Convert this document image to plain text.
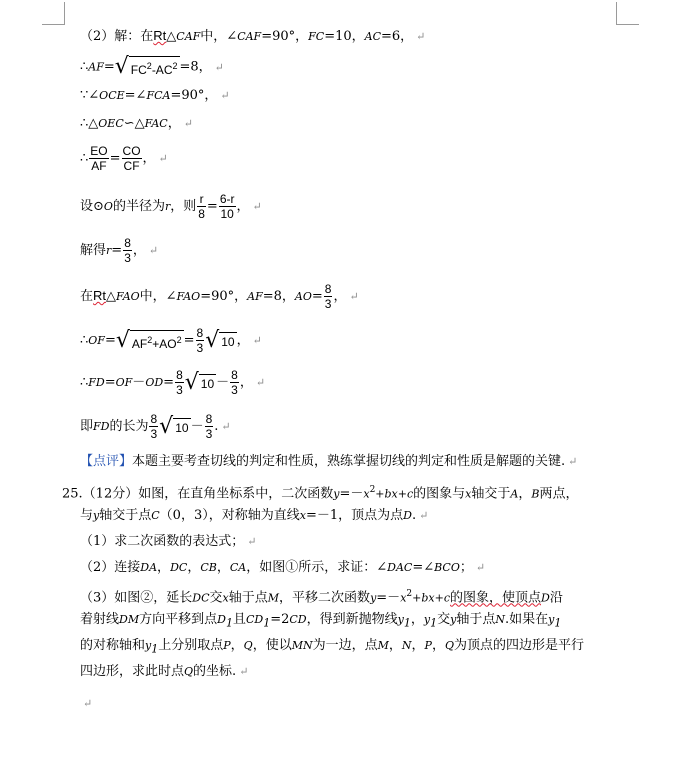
（2）解：在Rt△CAF中，∠CAF=90°，FC=10，AC=6， ↵
∴AF=√ $FC^2-AC^2 =8$， ↵
∵∠OCE=∠FCA=90°， ↵
∴△OEC∽△FAC， ↵
∴ $\frac{EO}{AF} = \frac{CO}{CF}$ ， ↵
设⊙O的半径为r，则 $\frac{r}{8} = \frac{6-r}{10}$ ， ↵
解得$r= \frac{8}{3}$ ， ↵
在Rt△FAO中，∠FAO=90°，AF=8，$AO= \frac{8}{3}$ ， ↵
∴OF=√ $AF^2+AO^2 = \frac{8}{3}$ √ 10 ， ↵
∴FD=OF－OD= $\frac{8}{3}$ √ $10 - \frac{8}{3}$ ， ↵
即FD的长为 $\frac{8}{3}$ √ $10 - \frac{8}{3}$ . ↵
【点评】本题主要考查切线的判定和性质，熟练掌握切线的判定和性质是解题的关键. ↵
25.（12分）如图，在直角坐标系中，二次函数$y=-x^2+bx+c$的图象与x轴交于A，B两点，
与y轴交于点C（0，3），对称轴为直线x=－1，顶点为点D. ↵
（1）求二次函数的表达式； ↵
（2）连接DA，DC，CB，CA，如图①所示，求证：∠DAC=∠BCO； ↵
（3）如图②，延长DC交x轴于点M，平移二次函数$y=-x^2+bx+c$的图象，使顶点D沿
着射线DM方向平移到点$D_1$且$CD_1=2CD$，得到新抛物线$y_1$，$y_1$交y轴于点N.如果在$y_1$
的对称轴和$y_1$上分别取点P，Q，使以MN为一边，点M，N，P，Q为顶点的四边形是平行
四边形，求此时点Q的坐标. ↵
↵
